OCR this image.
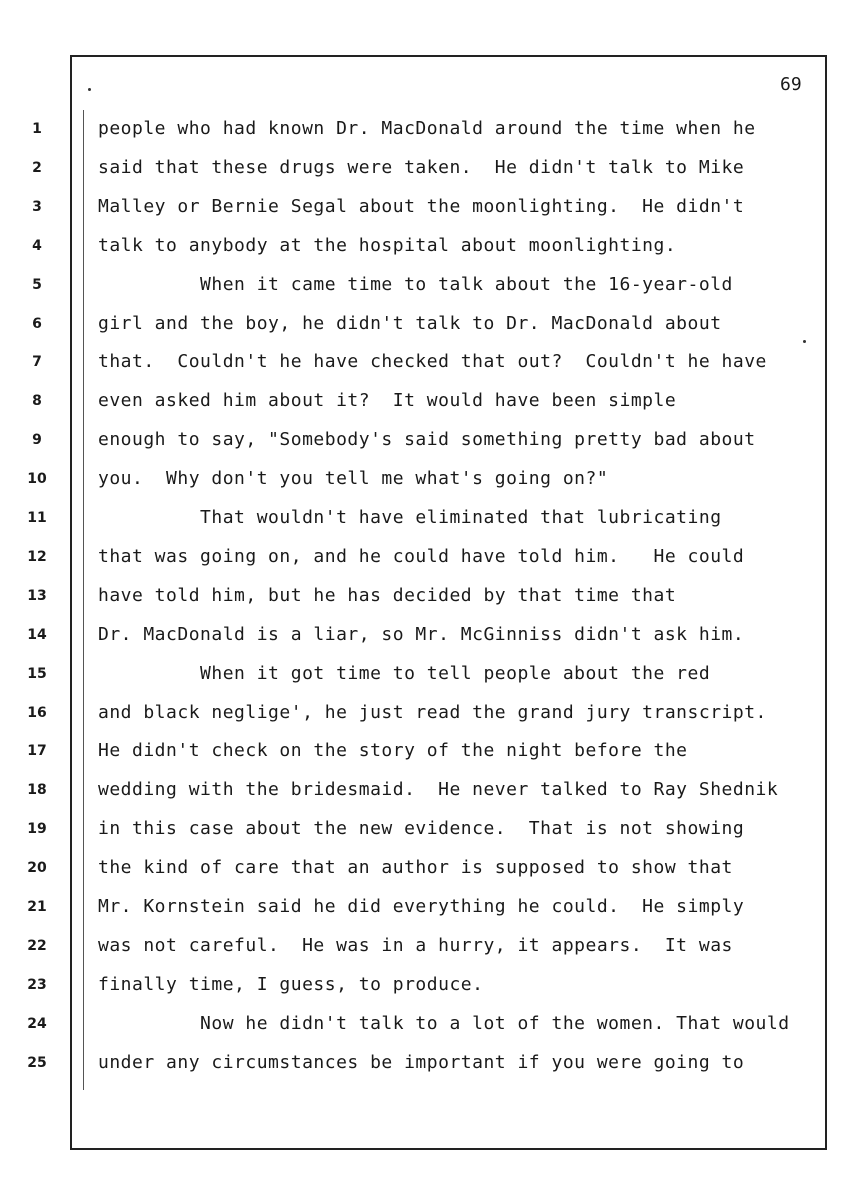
69
1	people who had known Dr. MacDonald around the time when he
2	said that these drugs were taken.  He didn't talk to Mike
3	Malley or Bernie Segal about the moonlighting.  He didn't
4	talk to anybody at the hospital about moonlighting.
5	When it came time to talk about the 16-year-old
6	girl and the boy, he didn't talk to Dr. MacDonald about
7	that.  Couldn't he have checked that out?  Couldn't he have
8	even asked him about it?  It would have been simple
9	enough to say, "Somebody's said something pretty bad about
10	you.  Why don't you tell me what's going on?"
11	That wouldn't have eliminated that lubricating
12	that was going on, and he could have told him.   He could
13	have told him, but he has decided by that time that
14	Dr. MacDonald is a liar, so Mr. McGinniss didn't ask him.
15	When it got time to tell people about the red
16	and black neglige', he just read the grand jury transcript.
17	He didn't check on the story of the night before the
18	wedding with the bridesmaid.  He never talked to Ray Shednik
19	in this case about the new evidence.  That is not showing
20	the kind of care that an author is supposed to show that
21	Mr. Kornstein said he did everything he could.  He simply
22	was not careful.  He was in a hurry, it appears.  It was
23	finally time, I guess, to produce.
24	Now he didn't talk to a lot of the women. That would
25	under any circumstances be important if you were going to
